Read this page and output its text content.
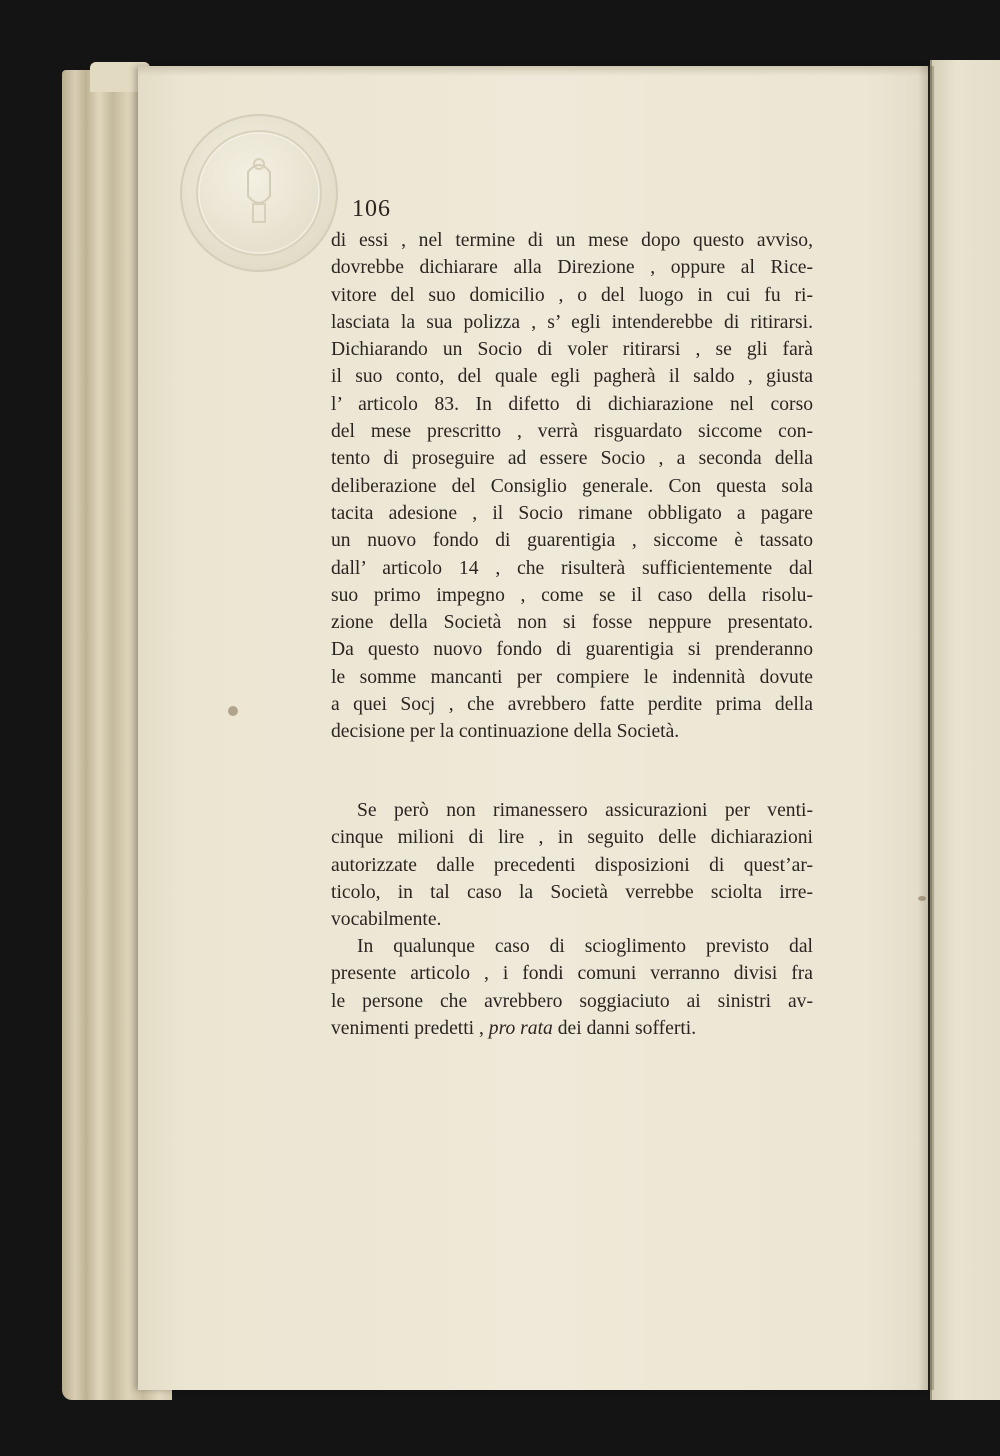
106
di essi , nel termine di un mese dopo questo avviso,
dovrebbe dichiarare alla Direzione , oppure al Rice-
vitore del suo domicilio , o del luogo in cui fu ri-
lasciata la sua polizza , s’ egli intenderebbe di ritirarsi.
Dichiarando un Socio di voler ritirarsi , se gli farà
il suo conto, del quale egli pagherà il saldo , giusta
l’ articolo 83. In difetto di dichiarazione nel corso
del mese prescritto , verrà risguardato siccome con-
tento di proseguire ad essere Socio , a seconda della
deliberazione del Consiglio generale. Con questa sola
tacita adesione , il Socio rimane obbligato a pagare
un nuovo fondo di guarentigia , siccome è tassato
dall’ articolo 14 , che risulterà sufficientemente dal
suo primo impegno , come se il caso della risolu-
zione della Società non si fosse neppure presentato.
Da questo nuovo fondo di guarentigia si prenderanno
le somme mancanti per compiere le indennità dovute
a quei Socj , che avrebbero fatte perdite prima della
decisione per la continuazione della Società.
Se però non rimanessero assicurazioni per venti-
cinque milioni di lire , in seguito delle dichiarazioni
autorizzate dalle precedenti disposizioni di quest’ar-
ticolo, in tal caso la Società verrebbe sciolta irre-
vocabilmente.
In qualunque caso di scioglimento previsto dal
presente articolo , i fondi comuni verranno divisi fra
le persone che avrebbero soggiaciuto ai sinistri av-
venimenti predetti , pro rata dei danni sofferti.
